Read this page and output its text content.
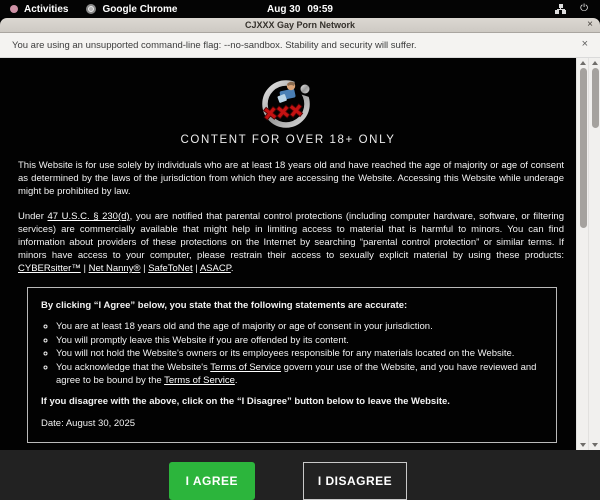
Activities	Google Chrome	Aug 30 09:59	⏻
CJXXX Gay Porn Network	×
You are using an unsupported command-line flag: --no-sandbox. Stability and security will suffer.	×
✖✖✖
CONTENT FOR OVER 18+ ONLY

This Website is for use solely by individuals who are at least 18 years old and have reached the age of majority or age of consent as determined by the laws of the jurisdiction from which they are accessing the Website. Accessing this Website while underage might be prohibited by law.

Under 47 U.S.C. § 230(d), you are notified that parental control protections (including computer hardware, software, or filtering services) are commercially available that might help in limiting access to material that is harmful to minors. You can find information about providers of these protections on the Internet by searching “parental control protection” or similar terms. If minors have access to your computer, please restrain their access to sexually explicit material by using these products: CYBERsitter™ | Net Nanny® | SafeToNet | ASACP.

By clicking “I Agree” below, you state that the following statements are accurate:
◦ You are at least 18 years old and the age of majority or age of consent in your jurisdiction.
◦ You will promptly leave this Website if you are offended by its content.
◦ You will not hold the Website's owners or its employees responsible for any materials located on the Website.
◦ You acknowledge that the Website's Terms of Service govern your use of the Website, and you have reviewed and agree to be bound by the Terms of Service.
If you disagree with the above, click on the “I Disagree” button below to leave the Website.
Date: August 30, 2025
I AGREE	I DISAGREE
